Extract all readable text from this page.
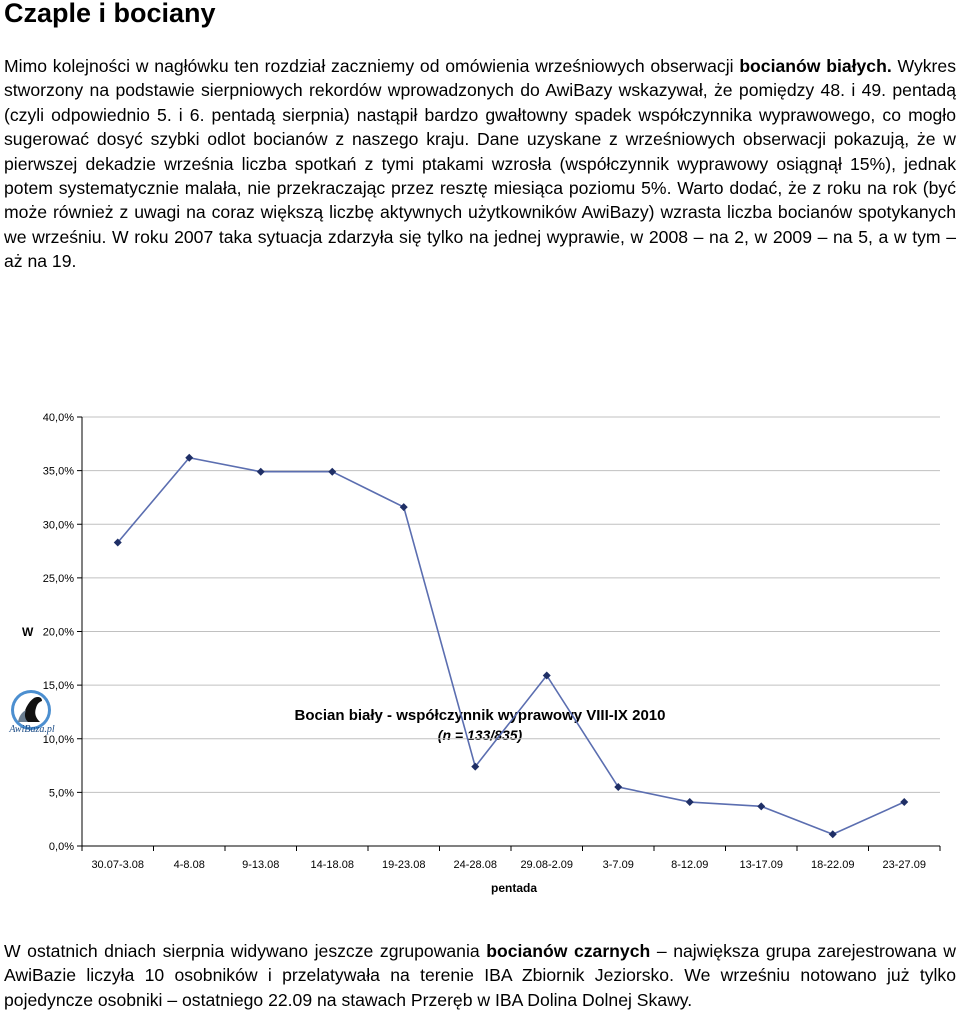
Czaple i bociany

Mimo kolejności w nagłówku ten rozdział zaczniemy od omówienia wrześniowych obserwacji bocianów białych. Wykres stworzony na podstawie sierpniowych rekordów wprowadzonych do AwiBazy wskazywał, że pomiędzy 48. i 49. pentadą (czyli odpowiednio 5. i 6. pentadą sierpnia) nastąpił bardzo gwałtowny spadek współczynnika wyprawowego, co mogło sugerować dosyć szybki odlot bocianów z naszego kraju. Dane uzyskane z wrześniowych obserwacji pokazują, że w pierwszej dekadzie września liczba spotkań z tymi ptakami wzrosła (współczynnik wyprawowy osiągnął 15%), jednak potem systematycznie malała, nie przekraczając przez resztę miesiąca poziomu 5%. Warto dodać, że z roku na rok (być może również z uwagi na coraz większą liczbę aktywnych użytkowników AwiBazy) wzrasta liczba bocianów spotykanych we wrześniu. W roku 2007 taka sytuacja zdarzyła się tylko na jednej wyprawie, w 2008 – na 2, w 2009 – na 5, a w tym – aż na 19.

AwiBaza.pl
Bocian biały - współczynnik wyprawowy VIII-IX 2010
(n = 133/835)
0,0%
5,0%
10,0%
15,0%
20,0%
25,0%
30,0%
35,0%
40,0%
W
30.07-3.08	4-8.08	9-13.08	14-18.08	19-23.08	24-28.08 29.08-2.09	3-7.09	8-12.09	13-17.09	18-22.09	23-27.09
pentada

W ostatnich dniach sierpnia widywano jeszcze zgrupowania bocianów czarnych – największa grupa zarejestrowana w AwiBazie liczyła 10 osobników i przelatywała na terenie IBA Zbiornik Jeziorsko. We wrześniu notowano już tylko pojedyncze osobniki – ostatniego 22.09 na stawach Przeręb w IBA Dolina Dolnej Skawy.
